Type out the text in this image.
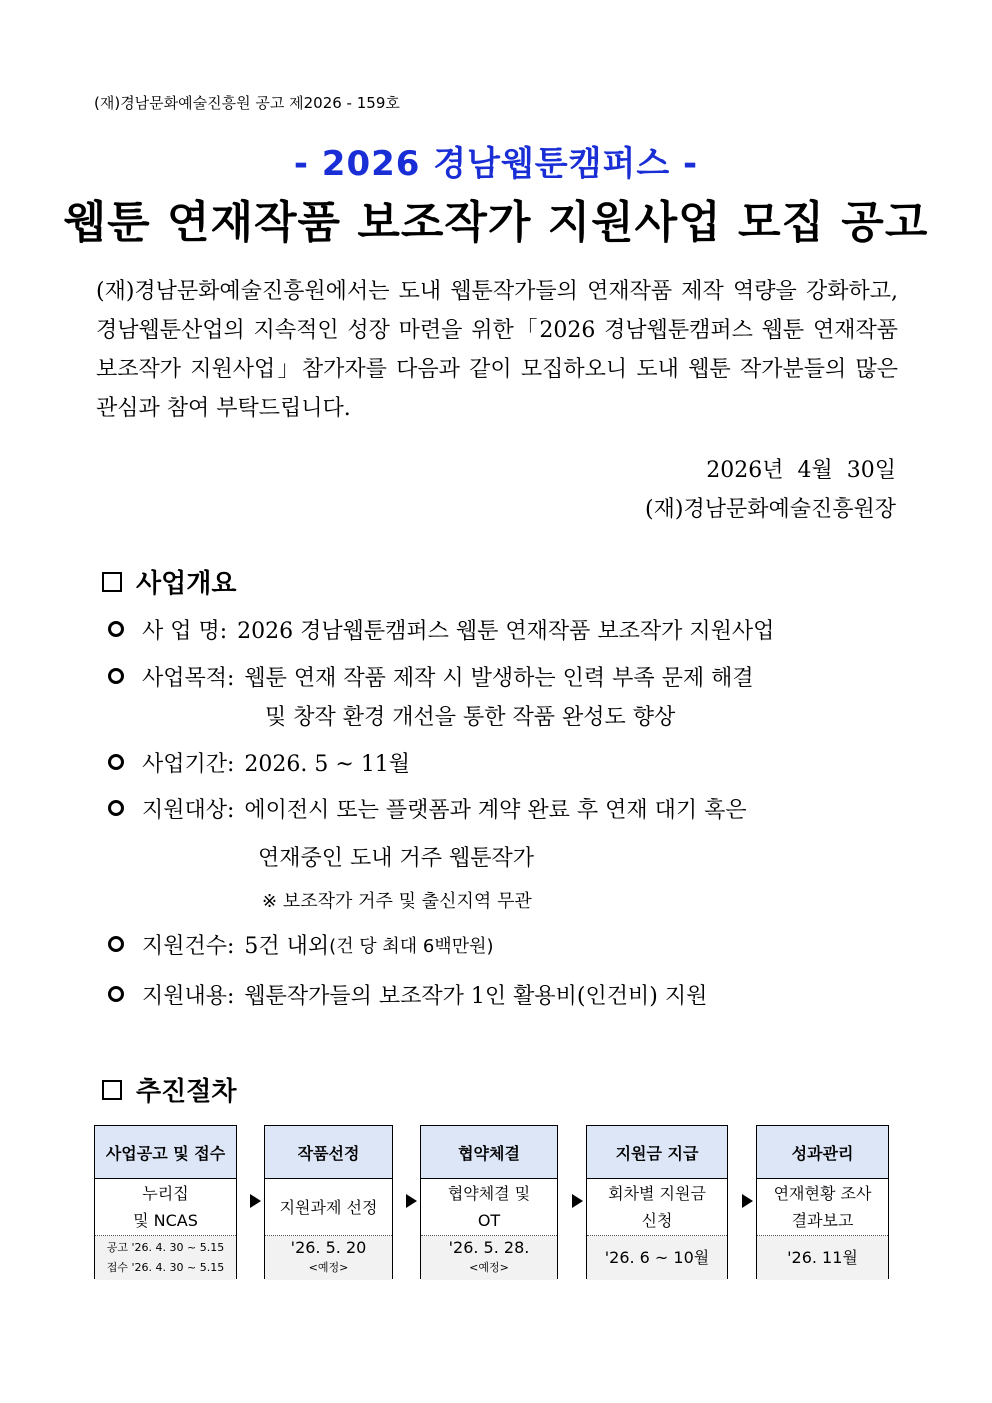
(재)경남문화예술진흥원 공고 제2026 - 159호
- 2026 경남웹툰캠퍼스 -
웹툰 연재작품 보조작가 지원사업 모집 공고
(재)경남문화예술진흥원에서는 도내 웹툰작가들의 연재작품 제작 역량을 강화하고, 경남웹툰산업의 지속적인 성장 마련을 위한「2026 경남웹툰캠퍼스 웹툰 연재작품 보조작가 지원사업」참가자를 다음과 같이 모집하오니 도내 웹툰 작가분들의 많은 관심과 참여 부탁드립니다.
2026년  4월  30일
(재)경남문화예술진흥원장
사업개요
사 업 명: 2026 경남웹툰캠퍼스 웹툰 연재작품 보조작가 지원사업
사업목적: 웹툰 연재 작품 제작 시 발생하는 인력 부족 문제 해결
및 창작 환경 개선을 통한 작품 완성도 향상
사업기간: 2026. 5 ~ 11월
지원대상: 에이전시 또는 플랫폼과 계약 완료 후 연재 대기 혹은
연재중인 도내 거주 웹툰작가
※ 보조작가 거주 및 출신지역 무관
지원건수: 5건 내외 (건 당 최대 6백만원)
지원내용: 웹툰작가들의 보조작가 1인 활용비(인건비) 지원
추진절차
사업공고 및 접수
누리집
및 NCAS
공고 '26. 4. 30 ~ 5.15
접수 '26. 4. 30 ~ 5.15
작품선정
지원과제 선정
'26. 5. 20
<예정>
협약체결
협약체결 및
OT
'26. 5. 28.
<예정>
지원금 지급
회차별 지원금
신청
'26. 6 ~ 10월
성과관리
연재현황 조사
결과보고
'26. 11월
